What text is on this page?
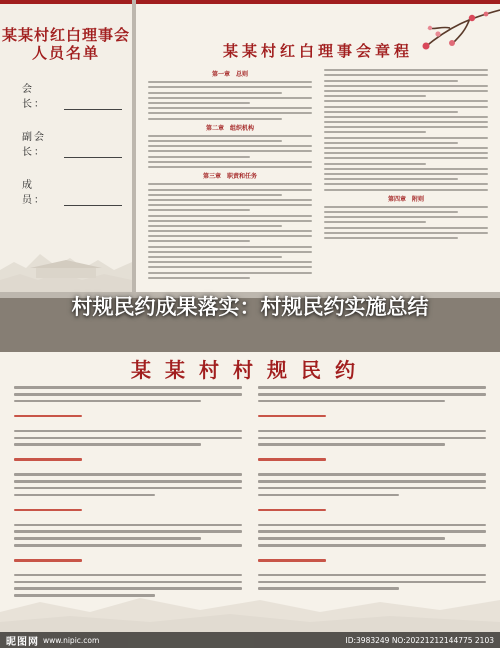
某某村红白理事会
人员名单
会　长：
副会长：
成　员：
某某村红白理事会章程
第一章　总则
第二章　组织机构
第三章　职责和任务
第四章　附则
村规民约成果落实：村规民约实施总结
某某村村规民约
昵图网 www.nipic.com	ID:3983249 NO:20221212144775 2103
